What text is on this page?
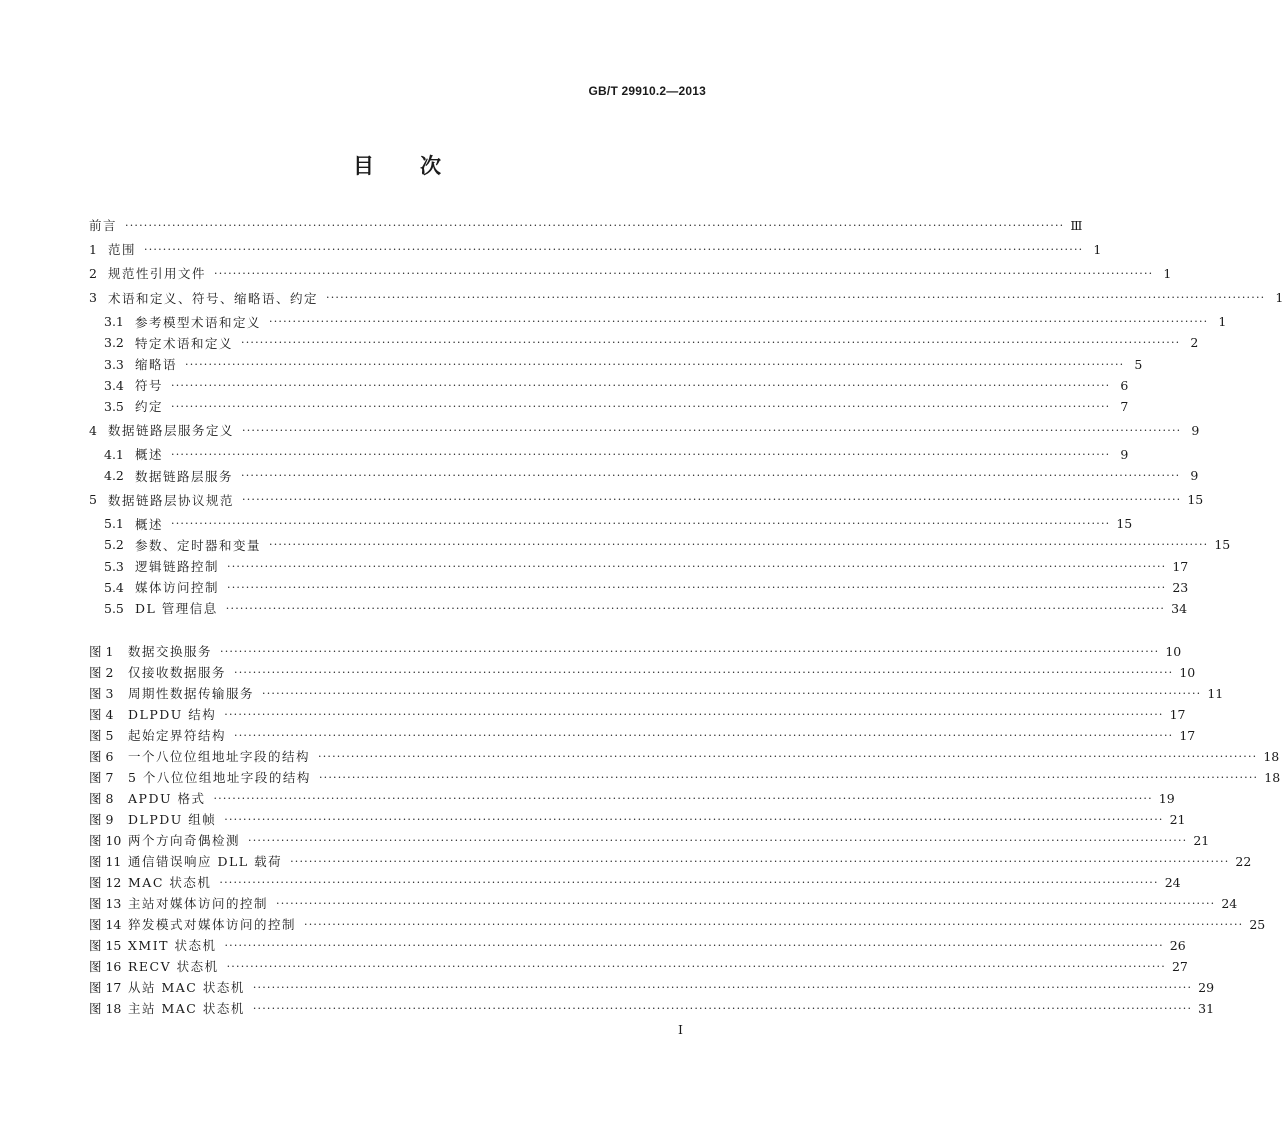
GB/T 29910.2—2013
目次
前言 ········································································································································································································ Ⅲ
1 范围 ········································································································································································································ 1
2 规范性引用文件 ········································································································································································································ 1
3 术语和定义、符号、缩略语、约定 ········································································································································································································ 1
3.1 参考模型术语和定义 ········································································································································································································ 1
3.2 特定术语和定义 ········································································································································································································ 2
3.3 缩略语 ········································································································································································································ 5
3.4 符号 ········································································································································································································ 6
3.5 约定 ········································································································································································································ 7
4 数据链路层服务定义 ········································································································································································································ 9
4.1 概述 ········································································································································································································ 9
4.2 数据链路层服务 ········································································································································································································ 9
5 数据链路层协议规范 ········································································································································································································ 15
5.1 概述 ········································································································································································································ 15
5.2 参数、定时器和变量 ········································································································································································································ 15
5.3 逻辑链路控制 ········································································································································································································ 17
5.4 媒体访问控制 ········································································································································································································ 23
5.5 DL 管理信息 ········································································································································································································ 34
图 1	数据交换服务 ········································································································································································································ 10
图 2	仅接收数据服务 ········································································································································································································ 10
图 3	周期性数据传输服务 ········································································································································································································ 11
图 4	DLPDU 结构 ········································································································································································································ 17
图 5	起始定界符结构 ········································································································································································································ 17
图 6	一个八位位组地址字段的结构 ········································································································································································································ 18
图 7	5 个八位位组地址字段的结构 ········································································································································································································ 18
图 8	APDU 格式 ········································································································································································································ 19
图 9	DLPDU 组帧 ········································································································································································································ 21
图 10 两个方向奇偶检测 ········································································································································································································ 21
图 11 通信错误响应 DLL 载荷 ········································································································································································································ 22
图 12 MAC 状态机 ········································································································································································································ 24
图 13 主站对媒体访问的控制 ········································································································································································································ 24
图 14 猝发模式对媒体访问的控制 ········································································································································································································ 25
图 15 XMIT 状态机 ········································································································································································································ 26
图 16 RECV 状态机 ········································································································································································································ 27
图 17 从站 MAC 状态机 ········································································································································································································ 29
图 18 主站 MAC 状态机 ········································································································································································································ 31
I
